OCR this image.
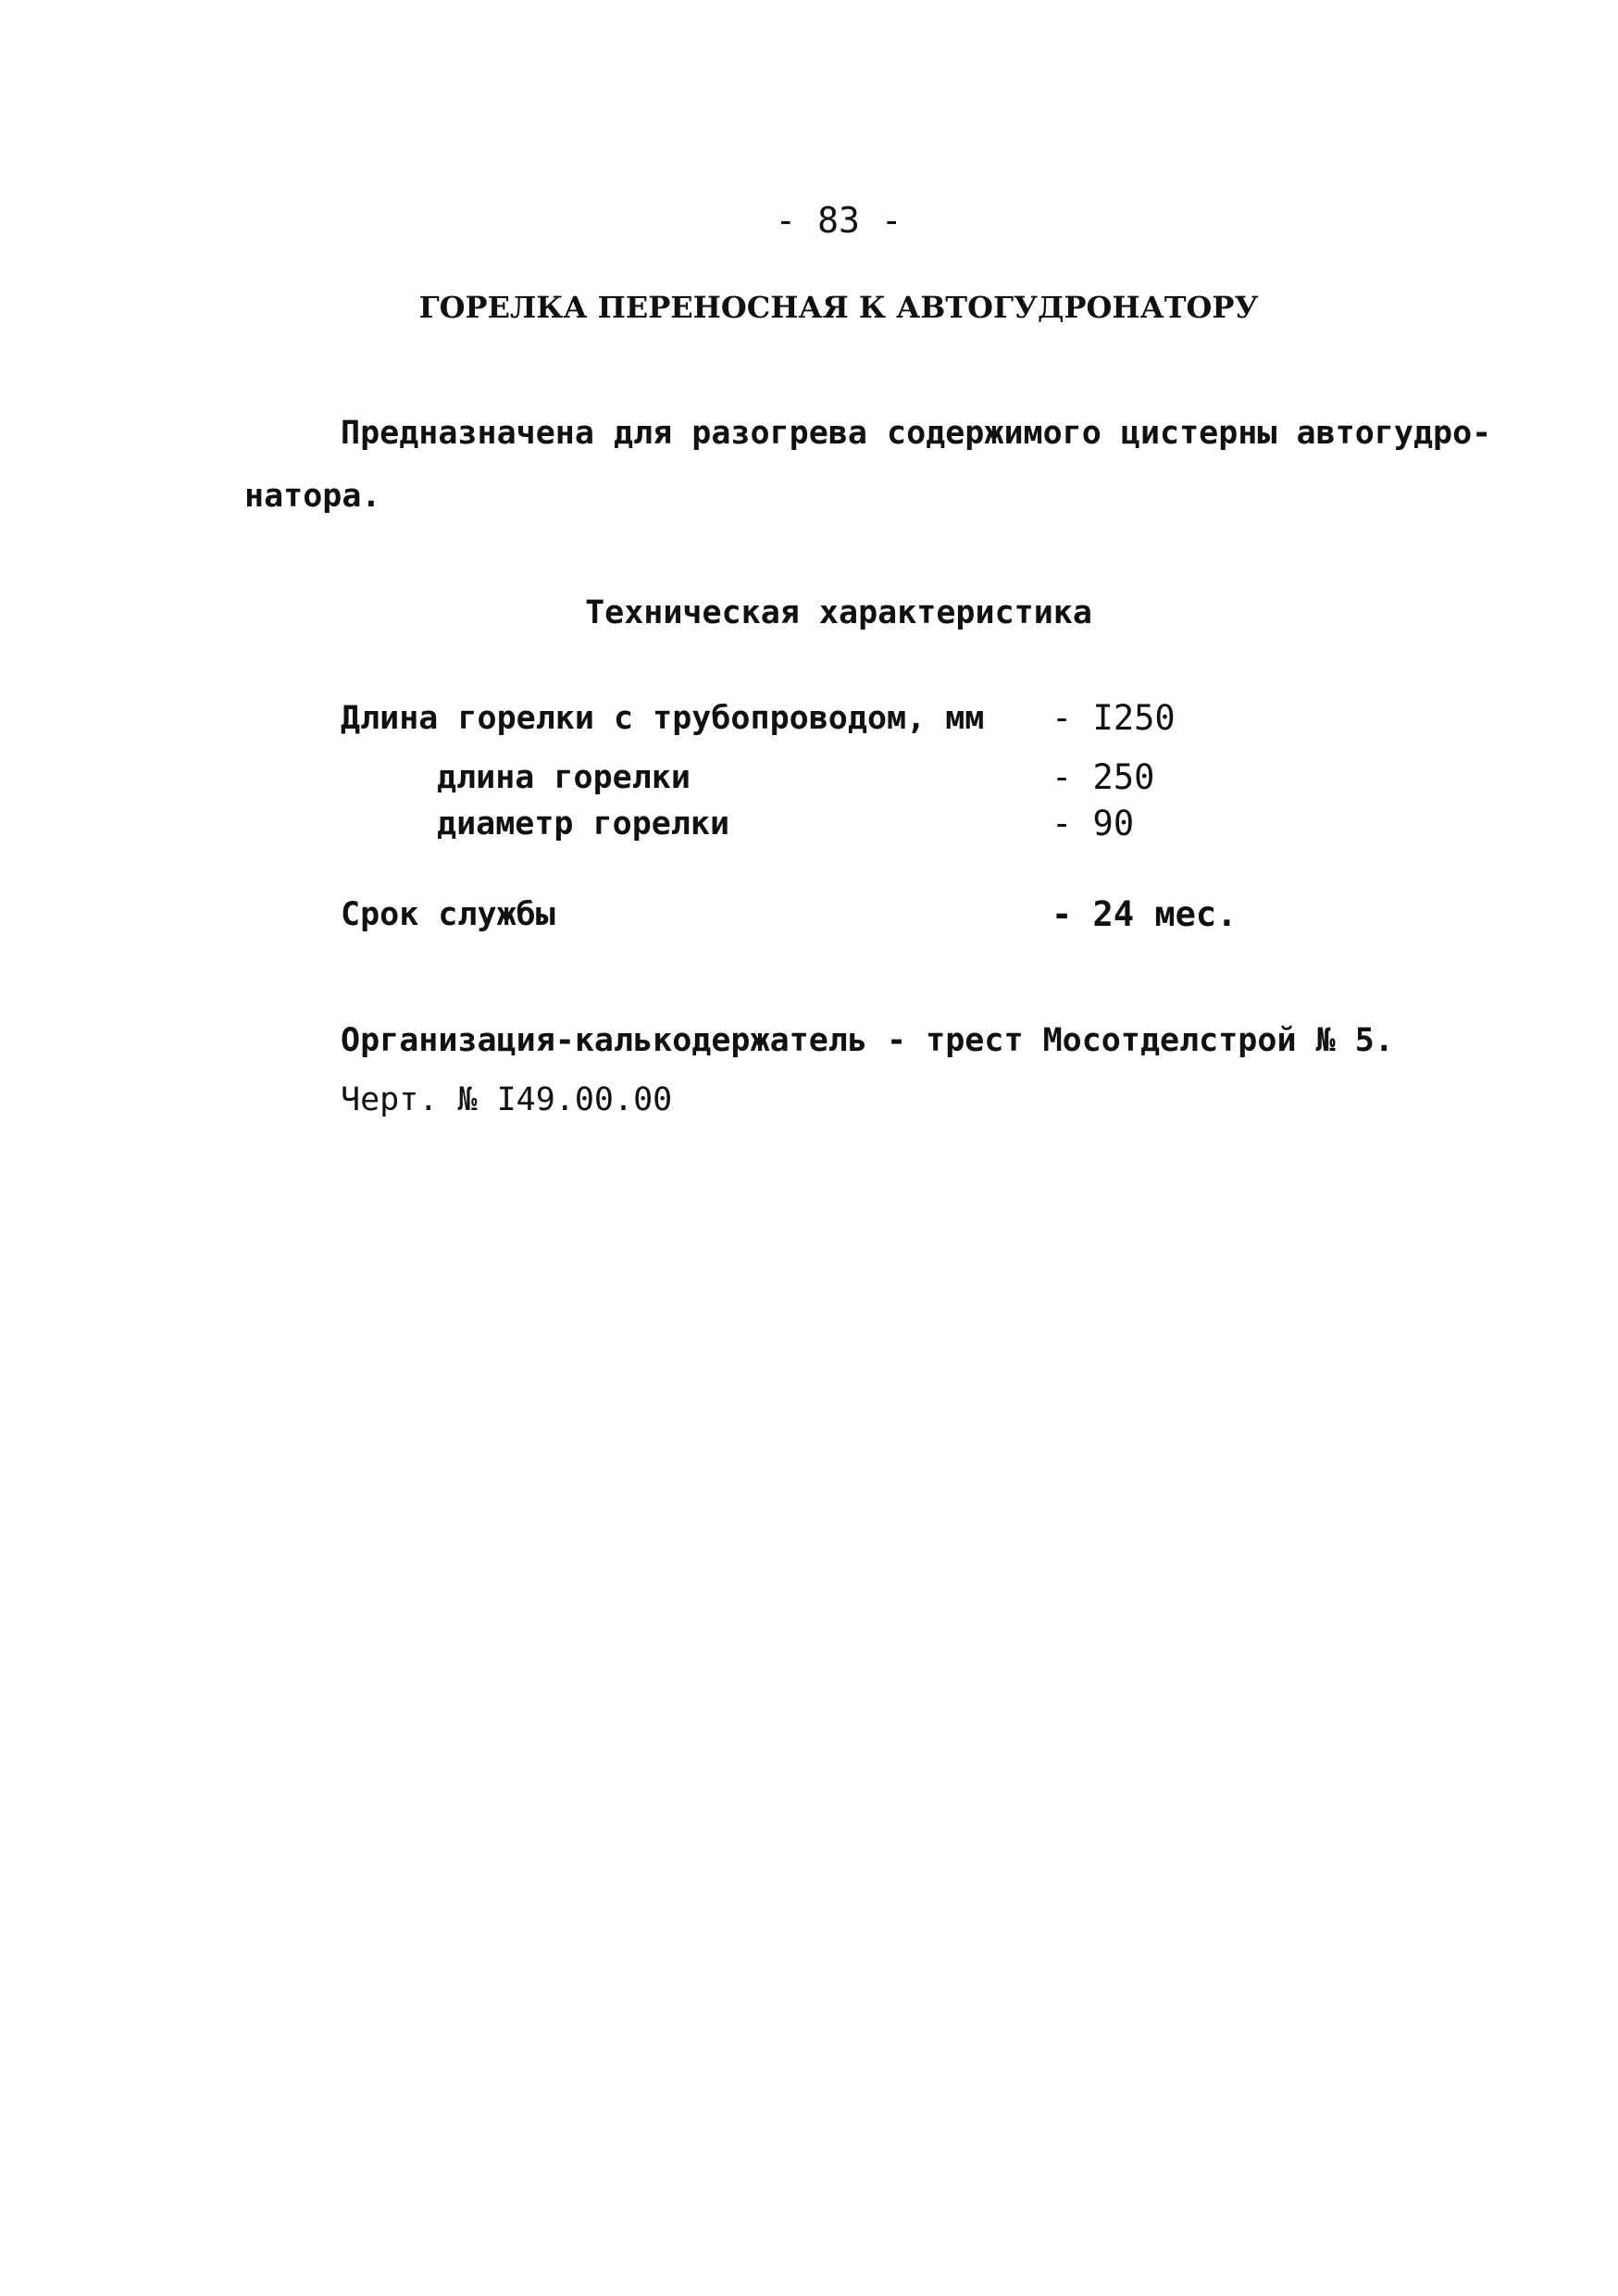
- 83 -
ГОРЕЛКА ПЕРЕНОСНАЯ К АВТОГУДРОНАТОРУ
Предназначена для разогрева содержимого цистерны автогудро-
натора.
Техническая характеристика
Длина горелки с трубопроводом, мм - I250
длина горелки	- 250
диаметр горелки	- 90
Срок службы	- 24 мес.
Организация-калькодержатель - трест Мосотделстрой № 5.
Черт. № I49.00.00
